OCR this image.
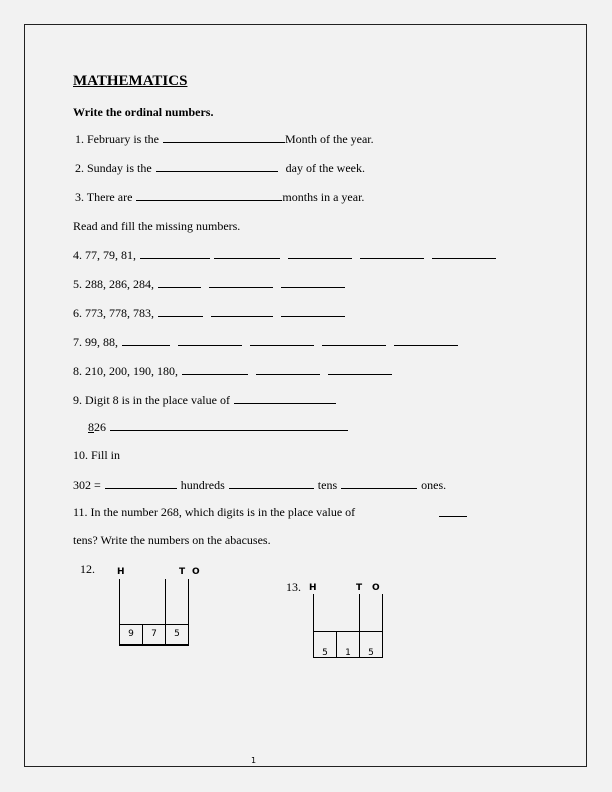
MATHEMATICS
Write the ordinal numbers.
1. February is the	Month of the year.
2. Sunday is the	day of the week.
3. There are	months in a year.
Read and fill the missing numbers.
4. 77, 79, 81,
5. 288, 286, 284,
6. 773, 778, 783,
7. 99, 88,
8. 210, 200, 190, 180,
9. Digit 8 is in the place value of
826
10. Fill in
302 =	hundreds	tens	ones.
11. In the number 268, which digits is in the place value of
tens? Write the numbers on the abacuses.
12. H	T O
9	7	5
13. H	T O
5	1	5
1
